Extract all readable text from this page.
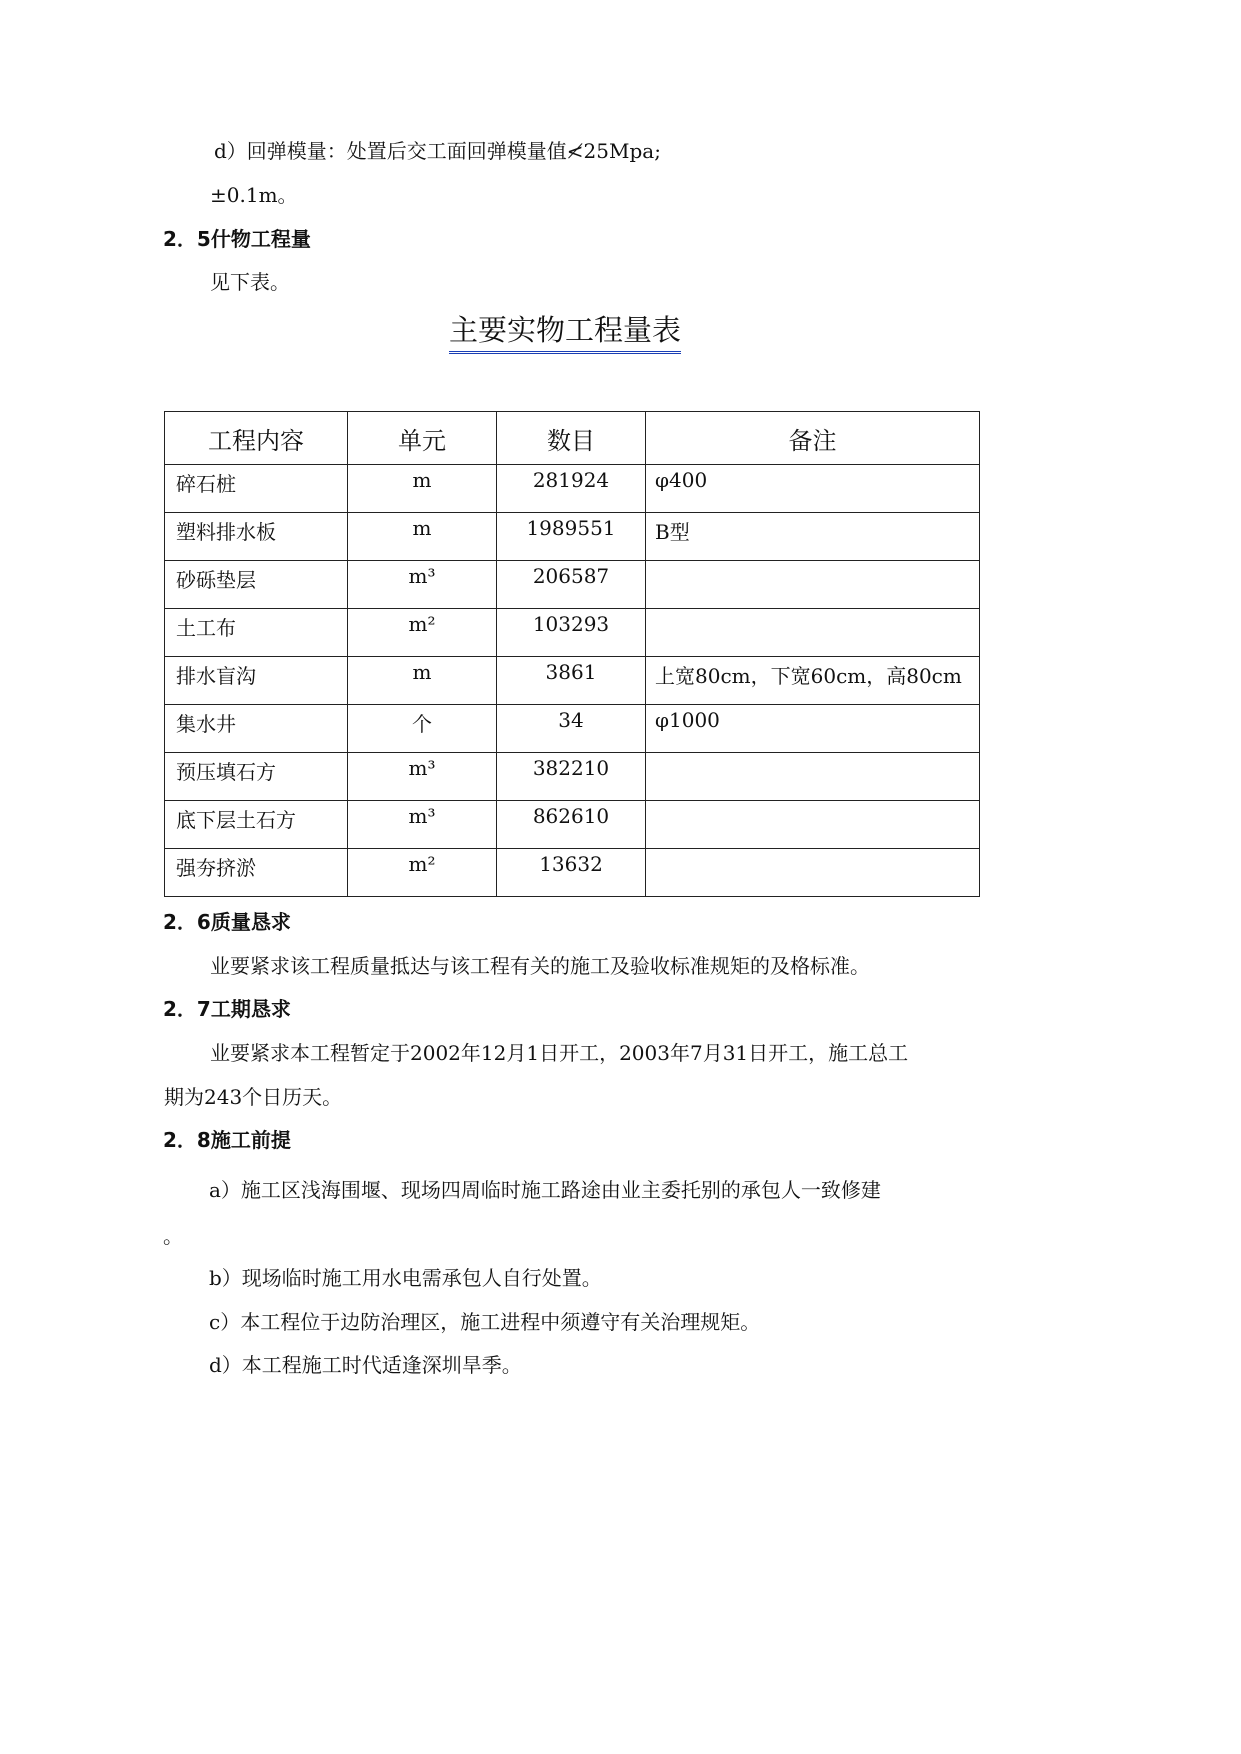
d）回弹模量：处置后交工面回弹模量值≮25Mpa;
±0.1m。
2．5什物工程量
见下表。
主要实物工程量表
工程内容	单元	数目	备注
碎石桩	m	281924	φ400
塑料排水板	m	1989551	B型
砂砾垫层	m³	206587	
土工布	m²	103293	
排水盲沟	m	3861	上宽80cm，下宽60cm，高80cm
集水井	个	34	φ1000
预压填石方	m³	382210	
底下层土石方	m³	862610	
强夯挤淤	m²	13632	
2．6质量恳求
业要紧求该工程质量抵达与该工程有关的施工及验收标准规矩的及格标准。
2．7工期恳求
业要紧求本工程暂定于2002年12月1日开工，2003年7月31日开工，施工总工
期为243个日历天。
2．8施工前提
a）施工区浅海围堰、现场四周临时施工路途由业主委托别的承包人一致修建
。
b）现场临时施工用水电需承包人自行处置。
c）本工程位于边防治理区，施工进程中须遵守有关治理规矩。
d）本工程施工时代适逢深圳旱季。
